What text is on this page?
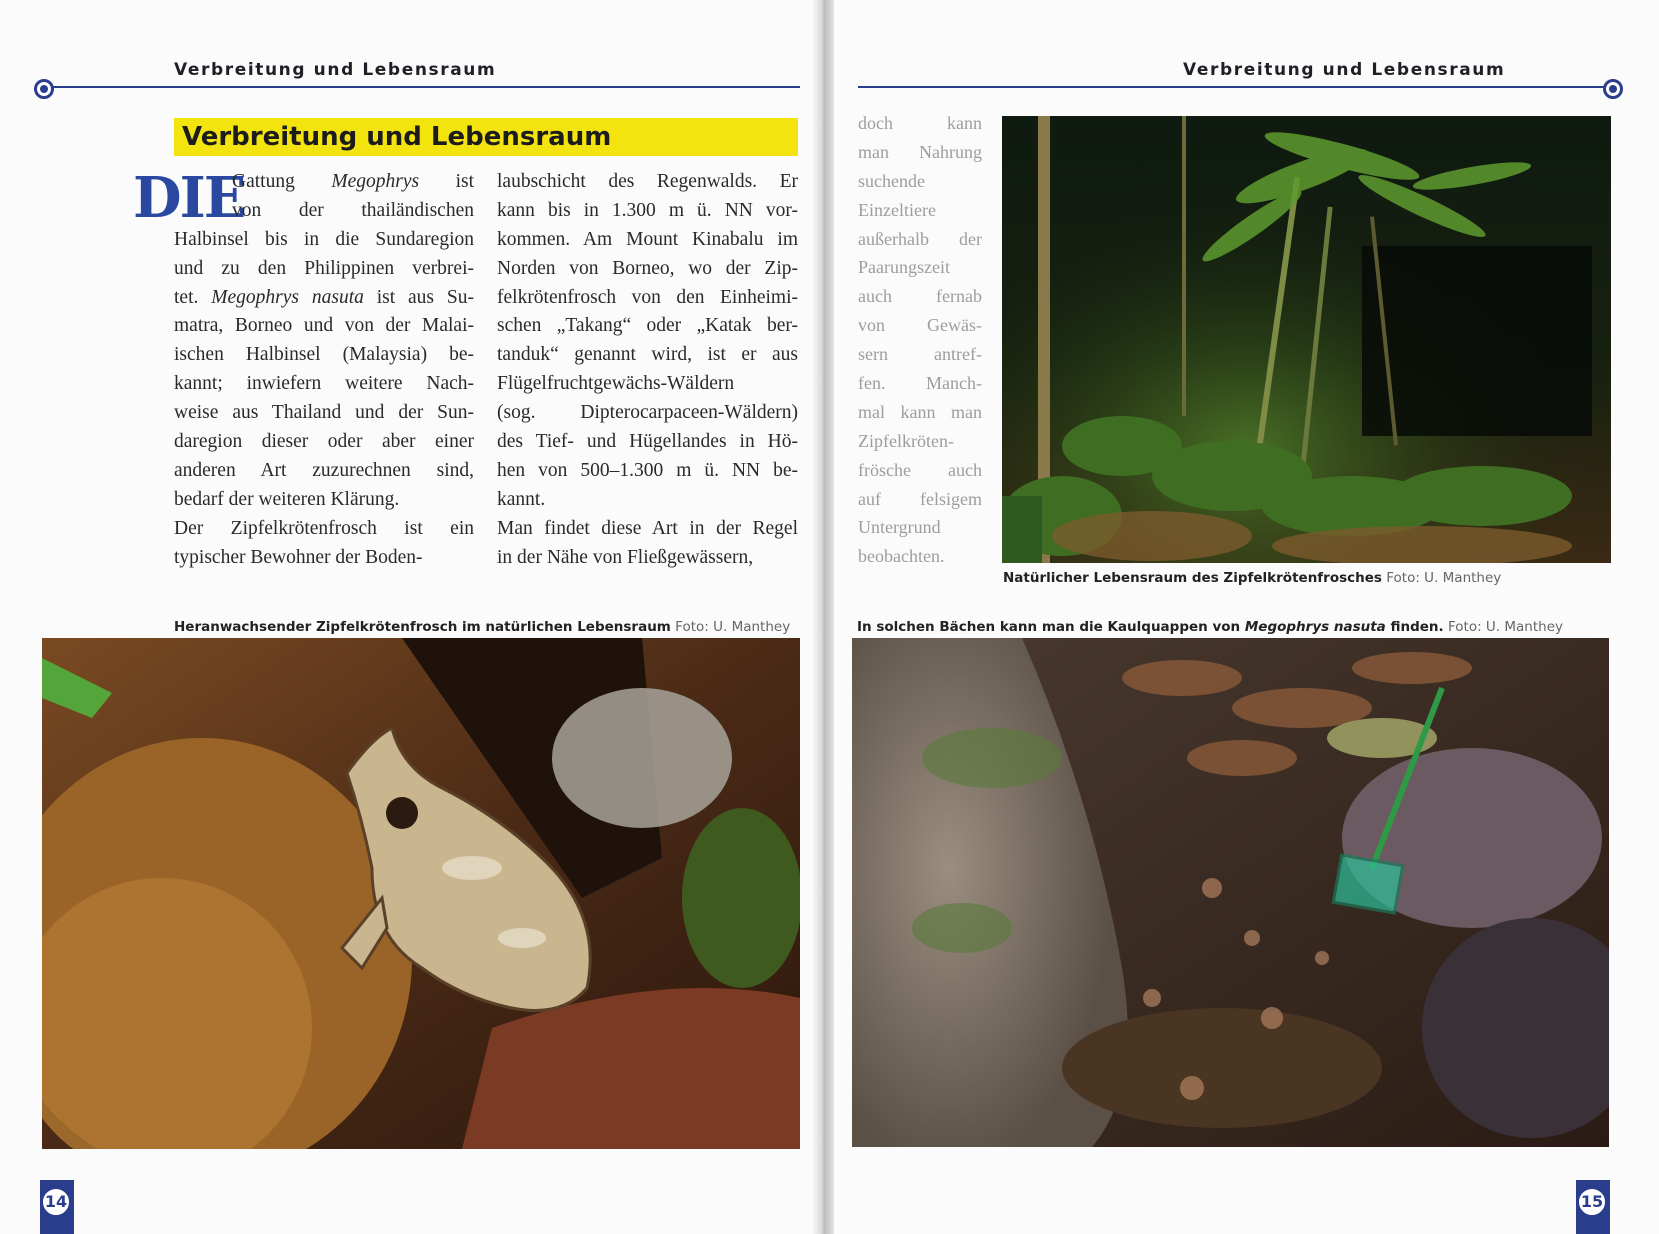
Verbreitung und Lebensraum	Verbreitung und Lebensraum
Verbreitung und Lebensraum
DIE
Gattung Megophrys ist
von der thailändischen
Halbinsel bis in die Sundaregion
und zu den Philippinen verbrei-
tet. Megophrys nasuta ist aus Su-
matra, Borneo und von der Malai-
ischen Halbinsel (Malaysia) be-
kannt; inwiefern weitere Nach-
weise aus Thailand und der Sun-
daregion dieser oder aber einer
anderen Art zuzurechnen sind,
bedarf der weiteren Klärung.
Der Zipfelkrötenfrosch ist ein
typischer Bewohner der Boden-
laubschicht des Regenwalds. Er
kann bis in 1.300 m ü. NN vor-
kommen. Am Mount Kinabalu im
Norden von Borneo, wo der Zip-
felkrötenfrosch von den Einheimi-
schen „Takang“ oder „Katak ber-
tanduk“ genannt wird, ist er aus
Flügelfruchtgewächs-Wäldern
(sog. Dipterocarpaceen-Wäldern)
des Tief- und Hügellandes in Hö-
hen von 500–1.300 m ü. NN be-
kannt.
Man findet diese Art in der Regel
in der Nähe von Fließgewässern,
doch kann
man Nahrung
suchende
Einzeltiere
außerhalb der
Paarungszeit
auch fernab
von Gewäs-
sern antref-
fen. Manch-
mal kann man
Zipfelkröten-
frösche auch
auf felsigem
Untergrund
beobachten.
Heranwachsender Zipfelkrötenfrosch im natürlichen Lebensraum Foto: U. Manthey
Natürlicher Lebensraum des Zipfelkrötenfrosches Foto: U. Manthey
In solchen Bächen kann man die Kaulquappen von Megophrys nasuta finden. Foto: U. Manthey
14	15
